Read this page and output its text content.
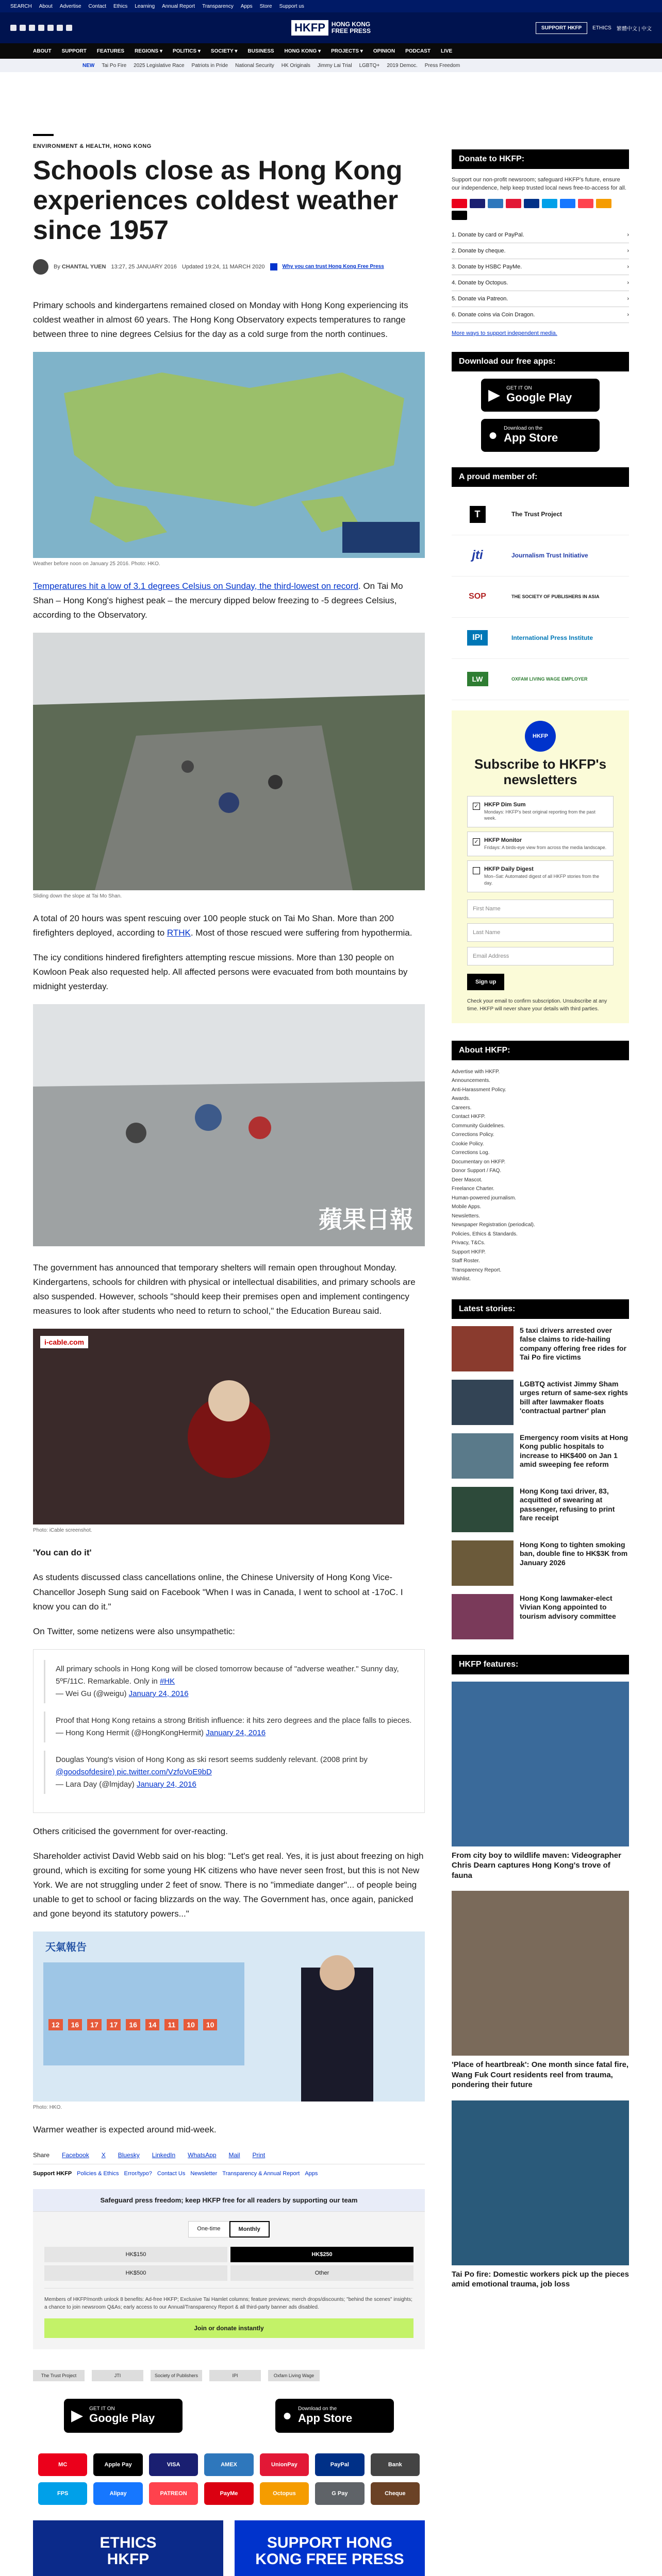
SEARCH About Advertise Contact Ethics Learning Annual Report Transparency Apps Store Support us
HKFP	HONG KONG
FREE PRESS	SUPPORT HKFP	ETHICS 繁體中文 | 中文
ABOUT SUPPORT FEATURES REGIONS ▾ POLITICS ▾ SOCIETY ▾ BUSINESS HONG KONG ▾ PROJECTS ▾ OPINION PODCAST LIVE
NEW Tai Po Fire 2025 Legislative Race Patriots in Pride National Security HK Originals Jimmy Lai Trial LGBTQ+ 2019 Democ. Press Freedom
ENVIRONMENT & HEALTH, HONG KONG
Schools close as Hong Kong experiences coldest weather since 1957
By CHANTAL YUEN 13:27, 25 JANUARY 2016 Updated 19:24, 11 MARCH 2020	Why you can trust Hong Kong Free Press

Primary schools and kindergartens remained closed on Monday with Hong Kong experiencing its coldest weather in almost 60 years. The Hong Kong Observatory expects temperatures to range between three to nine degrees Celsius for the day as a cold surge from the north continues.

Weather before noon on January 25 2016. Photo: HKO.

Temperatures hit a low of 3.1 degrees Celsius on Sunday, the third-lowest on record. On Tai Mo Shan – Hong Kong's highest peak – the mercury dipped below freezing to -5 degrees Celsius, according to the Observatory.

Sliding down the slope at Tai Mo Shan.

A total of 20 hours was spent rescuing over 100 people stuck on Tai Mo Shan. More than 200 firefighters deployed, according to RTHK. Most of those rescued were suffering from hypothermia.

The icy conditions hindered firefighters attempting rescue missions. More than 130 people on Kowloon Peak also requested help. All affected persons were evacuated from both mountains by midnight yesterday.

蘋果日報

The government has announced that temporary shelters will remain open throughout Monday. Kindergartens, schools for children with physical or intellectual disabilities, and primary schools are also suspended. However, schools "should keep their premises open and implement contingency measures to look after students who need to return to school," the Education Bureau said.

i-cable.com
Photo: iCable screenshot.

'You can do it'

As students discussed class cancellations online, the Chinese University of Hong Kong Vice-Chancellor Joseph Sung said on Facebook "When I was in Canada, I went to school at -17oC. I know you can do it."

On Twitter, some netizens were also unsympathetic:

All primary schools in Hong Kong will be closed tomorrow because of "adverse weather." Sunny day, 5ºF/11C. Remarkable. Only in #HK
— Wei Gu (@weigu) January 24, 2016
Proof that Hong Kong retains a strong British influence: it hits zero degrees and the place falls to pieces.
— Hong Kong Hermit (@HongKongHermit) January 24, 2016
Douglas Young's vision of Hong Kong as ski resort seems suddenly relevant. (2008 print by @goodsofdesire) pic.twitter.com/VzfoVoE9bD
— Lara Day (@lmjday) January 24, 2016

Others criticised the government for over-reacting.

Shareholder activist David Webb said on his blog: "Let's get real. Yes, it is just about freezing on high ground, which is exciting for some young HK citizens who have never seen frost, but this is not New York. We are not struggling under 2 feet of snow. There is no "immediate danger"... of people being unable to get to school or facing blizzards on the way. The Government has, once again, panicked and gone beyond its statutory powers..."

天氣報告
12	16	17	17	16	14	11	10	10
Photo: HKO.

Warmer weather is expected around mid-week.

Share Facebook X Bluesky LinkedIn WhatsApp Mail Print
Support HKFP Policies & Ethics Error/typo? Contact Us Newsletter Transparency & Annual Report Apps
Safeguard press freedom; keep HKFP free for all readers by supporting our team
One-time	Monthly
HK$150	HK$250
HK$500	Other
Members of HKFP/month unlock 8 benefits: Ad-free HKFP; Exclusive Tai Hamlet columns; feature previews; merch drops/discounts; "behind the scenes" insights; a chance to join newsroom Q&As; early access to our Annual/Transparency Report & all third-party banner ads disabled.
Join or donate instantly
The Trust Project	JTI	Society of Publishers	IPI	Oxfam Living Wage
▶ GET IT ON
Google Play	● Download on the
App Store
MC	Apple Pay	VISA	AMEX	UnionPay	PayPal	Bank
FPS	Alipay	PATREON	PayMe	Octopus	G Pay	Cheque
ETHICS
HKFP
SUPPORT HONG
KONG FREE PRESS
Donate to HKFP:
Support our non-profit newsroom; safeguard HKFP's future, ensure our independence, help keep trusted local news free-to-access for all.
1. Donate by card or PayPal.	›
2. Donate by cheque.	›
3. Donate by HSBC PayMe.	›
4. Donate by Octopus.	›
5. Donate via Patreon.	›
6. Donate coins via Coin Dragon.	›
More ways to support independent media.
Download our free apps:
▶ GET IT ON
Google Play
● Download on the
App Store
A proud member of:
T	The Trust Project
jti	Journalism Trust Initiative
SOP	THE SOCIETY OF PUBLISHERS IN ASIA
IPI	International Press Institute
LW	OXFAM LIVING WAGE EMPLOYER
HKFP
Subscribe to HKFP's newsletters
✓ HKFP Dim Sum
Mondays: HKFP's best original reporting from the past week.
✓ HKFP Monitor
Fridays: A birds-eye view from across the media landscape.
HKFP Daily Digest
Mon–Sat: Automated digest of all HKFP stories from the day.
First Name
Last Name
Email Address
Sign up
Check your email to confirm subscription. Unsubscribe at any time. HKFP will never share your details with third parties.
About HKFP:
Advertise with HKFP.
Announcements.
Anti-Harassment Policy.
Awards.
Careers.
Contact HKFP.
Community Guidelines.
Corrections Policy.
Cookie Policy.
Corrections Log.
Documentary on HKFP.
Donor Support / FAQ.
Deer Mascot.
Freelance Charter.
Human-powered journalism.
Mobile Apps.
Newsletters.
Newspaper Registration (periodical).
Policies, Ethics & Standards.
Privacy, T&Cs.
Support HKFP.
Staff Roster.
Transparency Report.
Wishlist.
Latest stories:
5 taxi drivers arrested over false claims to ride-hailing company offering free rides for Tai Po fire victims
LGBTQ activist Jimmy Sham urges return of same-sex rights bill after lawmaker floats 'contractual partner' plan
Emergency room visits at Hong Kong public hospitals to increase to HK$400 on Jan 1 amid sweeping fee reform
Hong Kong taxi driver, 83, acquitted of swearing at passenger, refusing to print fare receipt
Hong Kong to tighten smoking ban, double fine to HK$3K from January 2026
Hong Kong lawmaker-elect Vivian Kong appointed to tourism advisory committee
HKFP features:
From city boy to wildlife maven: Videographer Chris Dearn captures Hong Kong's trove of fauna
'Place of heartbreak': One month since fatal fire, Wang Fuk Court residents reel from trauma, pondering their future
Tai Po fire: Domestic workers pick up the pieces amid emotional trauma, job loss
